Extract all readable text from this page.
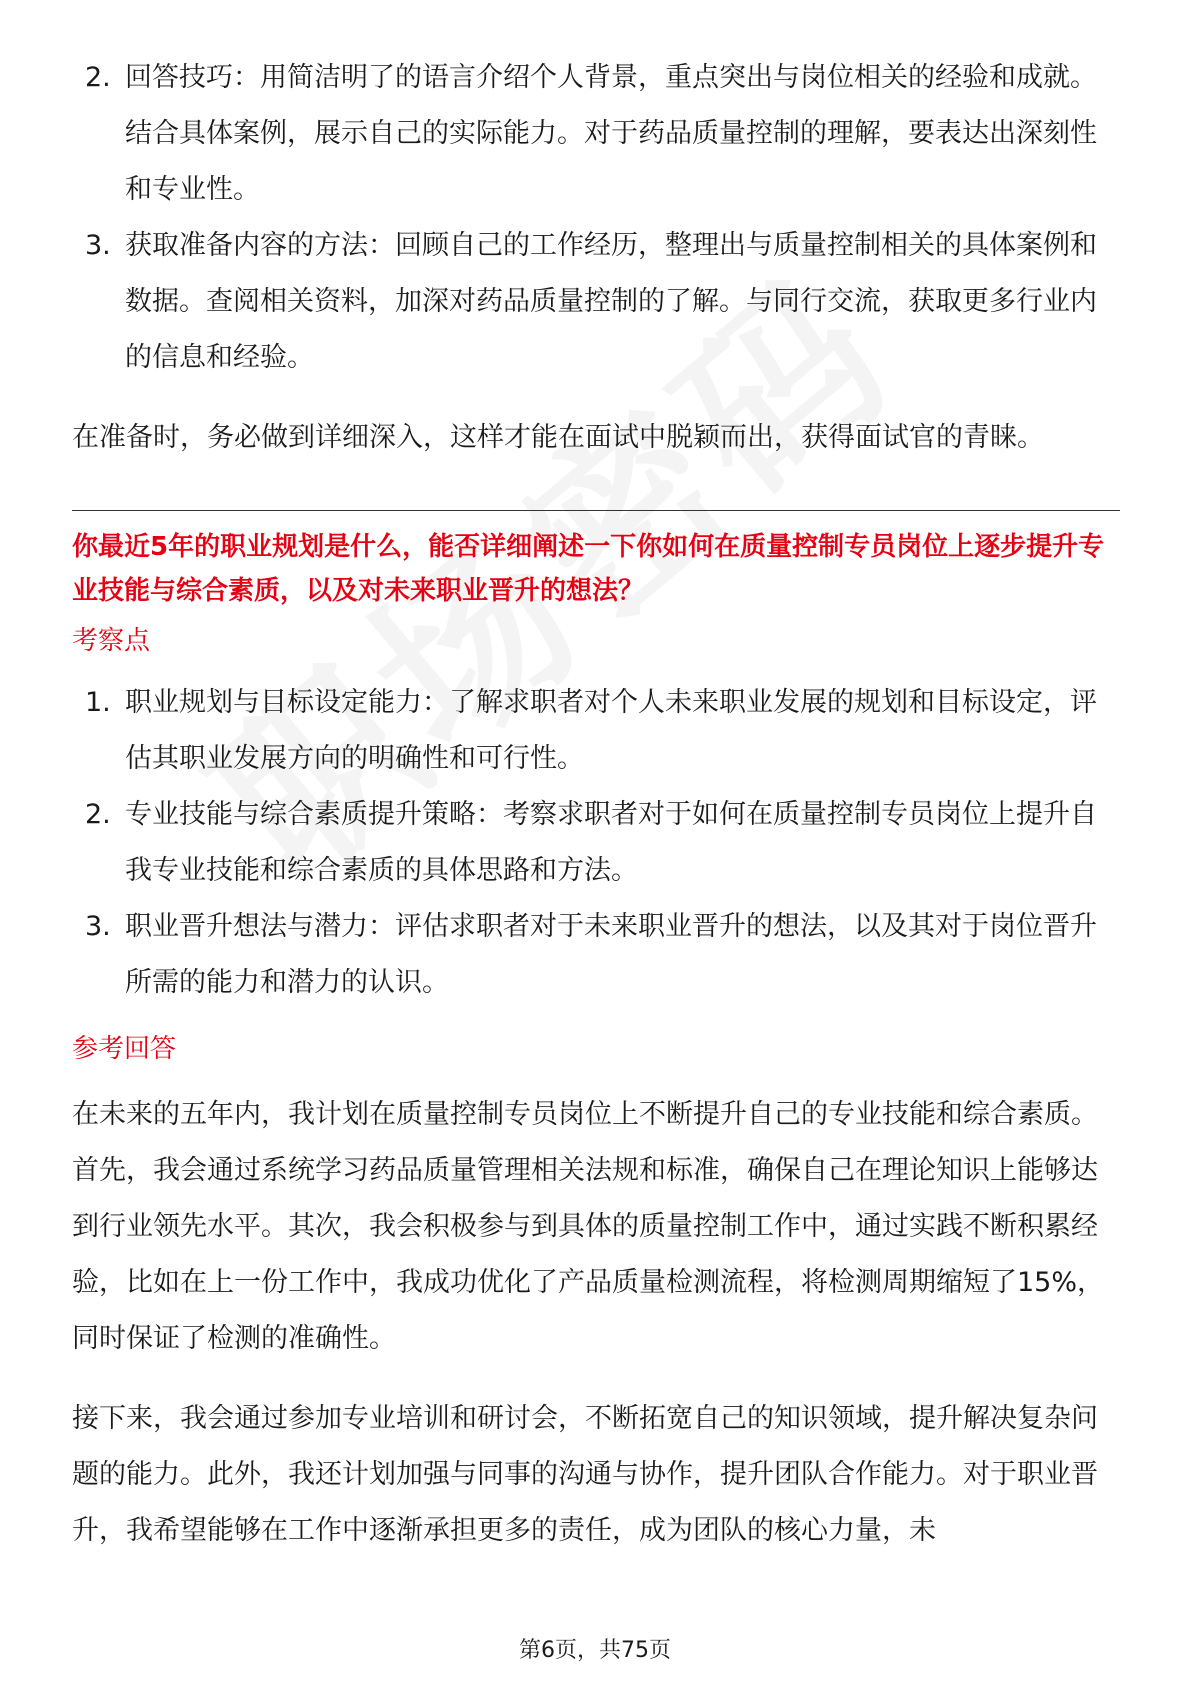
2. 回答技巧：用简洁明了的语言介绍个人背景，重点突出与岗位相关的经验和成就。结合具体案例，展示自己的实际能力。对于药品质量控制的理解，要表达出深刻性和专业性。
3. 获取准备内容的方法：回顾自己的工作经历，整理出与质量控制相关的具体案例和数据。查阅相关资料，加深对药品质量控制的了解。与同行交流，获取更多行业内的信息和经验。

在准备时，务必做到详细深入，这样才能在面试中脱颖而出，获得面试官的青睐。

你最近5年的职业规划是什么，能否详细阐述一下你如何在质量控制专员岗位上逐步提升专业技能与综合素质，以及对未来职业晋升的想法？

考察点

1. 职业规划与目标设定能力：了解求职者对个人未来职业发展的规划和目标设定，评估其职业发展方向的明确性和可行性。
2. 专业技能与综合素质提升策略：考察求职者对于如何在质量控制专员岗位上提升自我专业技能和综合素质的具体思路和方法。
3. 职业晋升想法与潜力：评估求职者对于未来职业晋升的想法，以及其对于岗位晋升所需的能力和潜力的认识。

参考回答

在未来的五年内，我计划在质量控制专员岗位上不断提升自己的专业技能和综合素质。首先，我会通过系统学习药品质量管理相关法规和标准，确保自己在理论知识上能够达到行业领先水平。其次，我会积极参与到具体的质量控制工作中，通过实践不断积累经验，比如在上一份工作中，我成功优化了产品质量检测流程，将检测周期缩短了15%，同时保证了检测的准确性。

接下来，我会通过参加专业培训和研讨会，不断拓宽自己的知识领域，提升解决复杂问题的能力。此外，我还计划加强与同事的沟通与协作，提升团队合作能力。对于职业晋升，我希望能够在工作中逐渐承担更多的责任，成为团队的核心力量，未

第6页，共75页
